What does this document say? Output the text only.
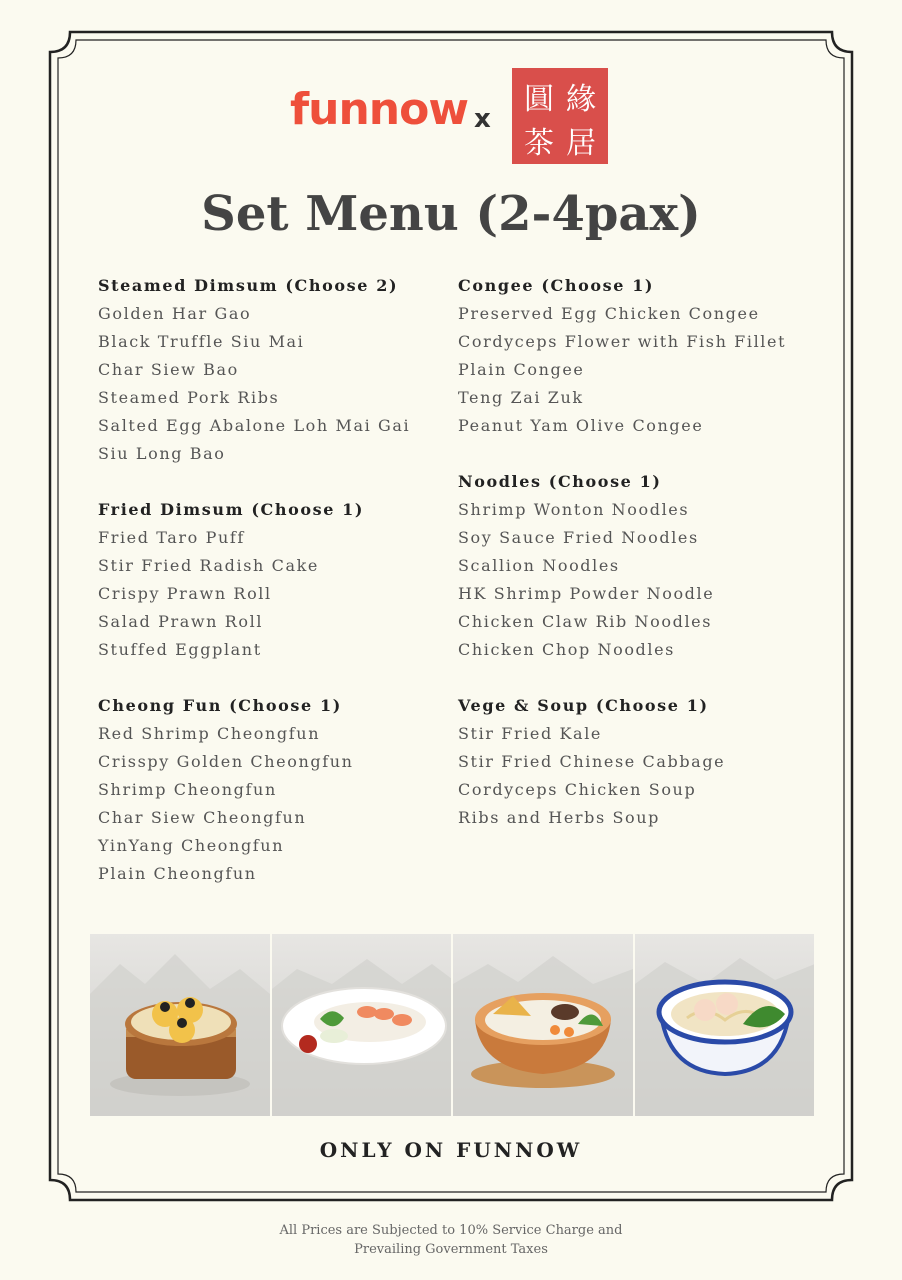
funnow x
圓 緣
茶 居
Set Menu (2-4pax)
Steamed Dimsum (Choose 2)
Golden Har Gao
Black Truffle Siu Mai
Char Siew Bao
Steamed Pork Ribs
Salted Egg Abalone Loh Mai Gai
Siu Long Bao
Fried Dimsum (Choose 1)
Fried Taro Puff
Stir Fried Radish Cake
Crispy Prawn Roll
Salad Prawn Roll
Stuffed Eggplant
Cheong Fun (Choose 1)
Red Shrimp Cheongfun
Crisspy Golden Cheongfun
Shrimp Cheongfun
Char Siew Cheongfun
YinYang Cheongfun
Plain Cheongfun
Congee (Choose 1)
Preserved Egg Chicken Congee
Cordyceps Flower with Fish Fillet
Plain Congee
Teng Zai Zuk
Peanut Yam Olive Congee
Noodles (Choose 1)
Shrimp Wonton Noodles
Soy Sauce Fried Noodles
Scallion Noodles
HK Shrimp Powder Noodle
Chicken Claw Rib Noodles
Chicken Chop Noodles
Vege & Soup (Choose 1)
Stir Fried Kale
Stir Fried Chinese Cabbage
Cordyceps Chicken Soup
Ribs and Herbs Soup
ONLY ON FUNNOW
All Prices are Subjected to 10% Service Charge and
Prevailing Government Taxes
